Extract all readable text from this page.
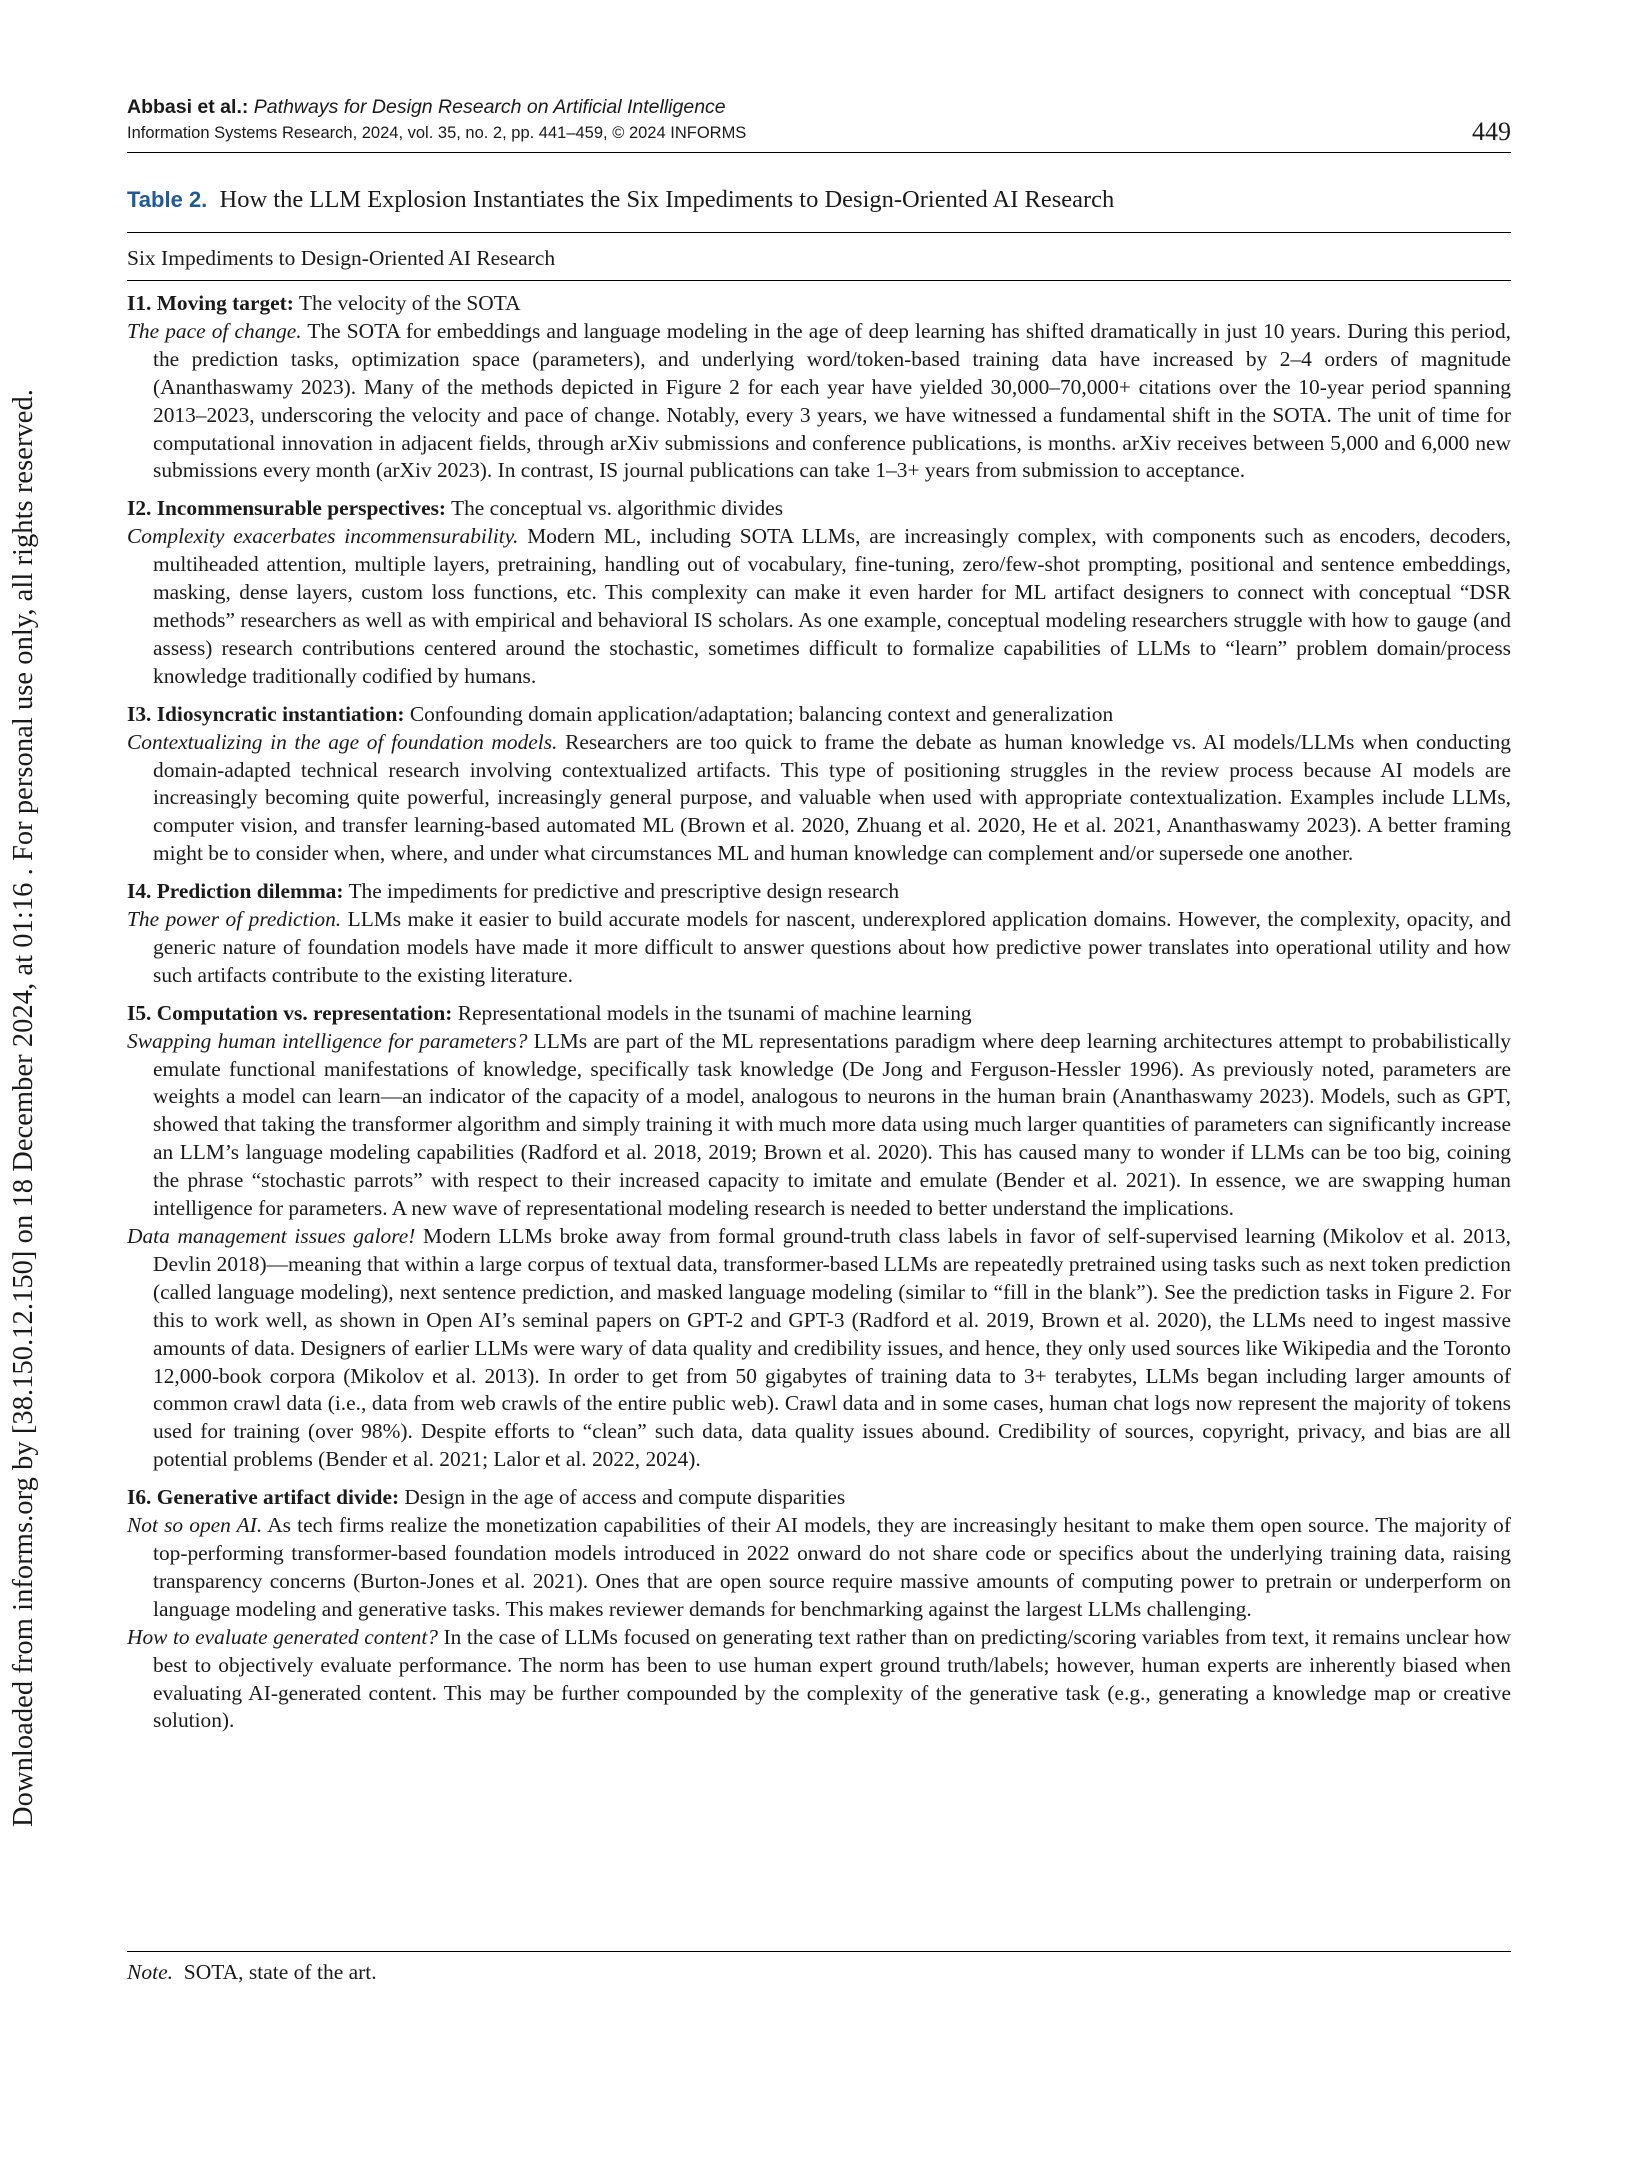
Downloaded from informs.org by [38.150.12.150] on 18 December 2024, at 01:16 . For personal use only, all rights reserved.
Abbasi et al.: Pathways for Design Research on Artificial Intelligence
Information Systems Research, 2024, vol. 35, no. 2, pp. 441–459, © 2024 INFORMS	449
Table 2. How the LLM Explosion Instantiates the Six Impediments to Design-Oriented AI Research
Six Impediments to Design-Oriented AI Research

I1. Moving target: The velocity of the SOTA

The pace of change. The SOTA for embeddings and language modeling in the age of deep learning has shifted dramatically in just 10 years. During this period, the prediction tasks, optimization space (parameters), and underlying word/token-based training data have increased by 2–4 orders of magnitude (Ananthaswamy 2023). Many of the methods depicted in Figure 2 for each year have yielded 30,000–70,000+ citations over the 10-year period spanning 2013–2023, underscoring the velocity and pace of change. Notably, every 3 years, we have witnessed a fundamental shift in the SOTA. The unit of time for computational innovation in adjacent fields, through arXiv submissions and conference publications, is months. arXiv receives between 5,000 and 6,000 new submissions every month (arXiv 2023). In contrast, IS journal publications can take 1–3+ years from submission to acceptance.

I2. Incommensurable perspectives: The conceptual vs. algorithmic divides

Complexity exacerbates incommensurability. Modern ML, including SOTA LLMs, are increasingly complex, with components such as encoders, decoders, multiheaded attention, multiple layers, pretraining, handling out of vocabulary, fine-tuning, zero/few-shot prompting, positional and sentence embeddings, masking, dense layers, custom loss functions, etc. This complexity can make it even harder for ML artifact designers to connect with conceptual “DSR methods” researchers as well as with empirical and behavioral IS scholars. As one example, conceptual modeling researchers struggle with how to gauge (and assess) research contributions centered around the stochastic, sometimes difficult to formalize capabilities of LLMs to “learn” problem domain/process knowledge traditionally codified by humans.

I3. Idiosyncratic instantiation: Confounding domain application/adaptation; balancing context and generalization

Contextualizing in the age of foundation models. Researchers are too quick to frame the debate as human knowledge vs. AI models/LLMs when conducting domain-adapted technical research involving contextualized artifacts. This type of positioning struggles in the review process because AI models are increasingly becoming quite powerful, increasingly general purpose, and valuable when used with appropriate contextualization. Examples include LLMs, computer vision, and transfer learning-based automated ML (Brown et al. 2020, Zhuang et al. 2020, He et al. 2021, Ananthaswamy 2023). A better framing might be to consider when, where, and under what circumstances ML and human knowledge can complement and/or supersede one another.

I4. Prediction dilemma: The impediments for predictive and prescriptive design research

The power of prediction. LLMs make it easier to build accurate models for nascent, underexplored application domains. However, the complexity, opacity, and generic nature of foundation models have made it more difficult to answer questions about how predictive power translates into operational utility and how such artifacts contribute to the existing literature.

I5. Computation vs. representation: Representational models in the tsunami of machine learning

Swapping human intelligence for parameters? LLMs are part of the ML representations paradigm where deep learning architectures attempt to probabilistically emulate functional manifestations of knowledge, specifically task knowledge (De Jong and Ferguson-Hessler 1996). As previously noted, parameters are weights a model can learn—an indicator of the capacity of a model, analogous to neurons in the human brain (Ananthaswamy 2023). Models, such as GPT, showed that taking the transformer algorithm and simply training it with much more data using much larger quantities of parameters can significantly increase an LLM’s language modeling capabilities (Radford et al. 2018, 2019; Brown et al. 2020). This has caused many to wonder if LLMs can be too big, coining the phrase “stochastic parrots” with respect to their increased capacity to imitate and emulate (Bender et al. 2021). In essence, we are swapping human intelligence for parameters. A new wave of representational modeling research is needed to better understand the implications.

Data management issues galore! Modern LLMs broke away from formal ground-truth class labels in favor of self-supervised learning (Mikolov et al. 2013, Devlin 2018)—meaning that within a large corpus of textual data, transformer-based LLMs are repeatedly pretrained using tasks such as next token prediction (called language modeling), next sentence prediction, and masked language modeling (similar to “fill in the blank”). See the prediction tasks in Figure 2. For this to work well, as shown in Open AI’s seminal papers on GPT-2 and GPT-3 (Radford et al. 2019, Brown et al. 2020), the LLMs need to ingest massive amounts of data. Designers of earlier LLMs were wary of data quality and credibility issues, and hence, they only used sources like Wikipedia and the Toronto 12,000-book corpora (Mikolov et al. 2013). In order to get from 50 gigabytes of training data to 3+ terabytes, LLMs began including larger amounts of common crawl data (i.e., data from web crawls of the entire public web). Crawl data and in some cases, human chat logs now represent the majority of tokens used for training (over 98%). Despite efforts to “clean” such data, data quality issues abound. Credibility of sources, copyright, privacy, and bias are all potential problems (Bender et al. 2021; Lalor et al. 2022, 2024).

I6. Generative artifact divide: Design in the age of access and compute disparities

Not so open AI. As tech firms realize the monetization capabilities of their AI models, they are increasingly hesitant to make them open source. The majority of top-performing transformer-based foundation models introduced in 2022 onward do not share code or specifics about the underlying training data, raising transparency concerns (Burton-Jones et al. 2021). Ones that are open source require massive amounts of computing power to pretrain or underperform on language modeling and generative tasks. This makes reviewer demands for benchmarking against the largest LLMs challenging.

How to evaluate generated content? In the case of LLMs focused on generating text rather than on predicting/scoring variables from text, it remains unclear how best to objectively evaluate performance. The norm has been to use human expert ground truth/labels; however, human experts are inherently biased when evaluating AI-generated content. This may be further compounded by the complexity of the generative task (e.g., generating a knowledge map or creative solution).

Note. SOTA, state of the art.
